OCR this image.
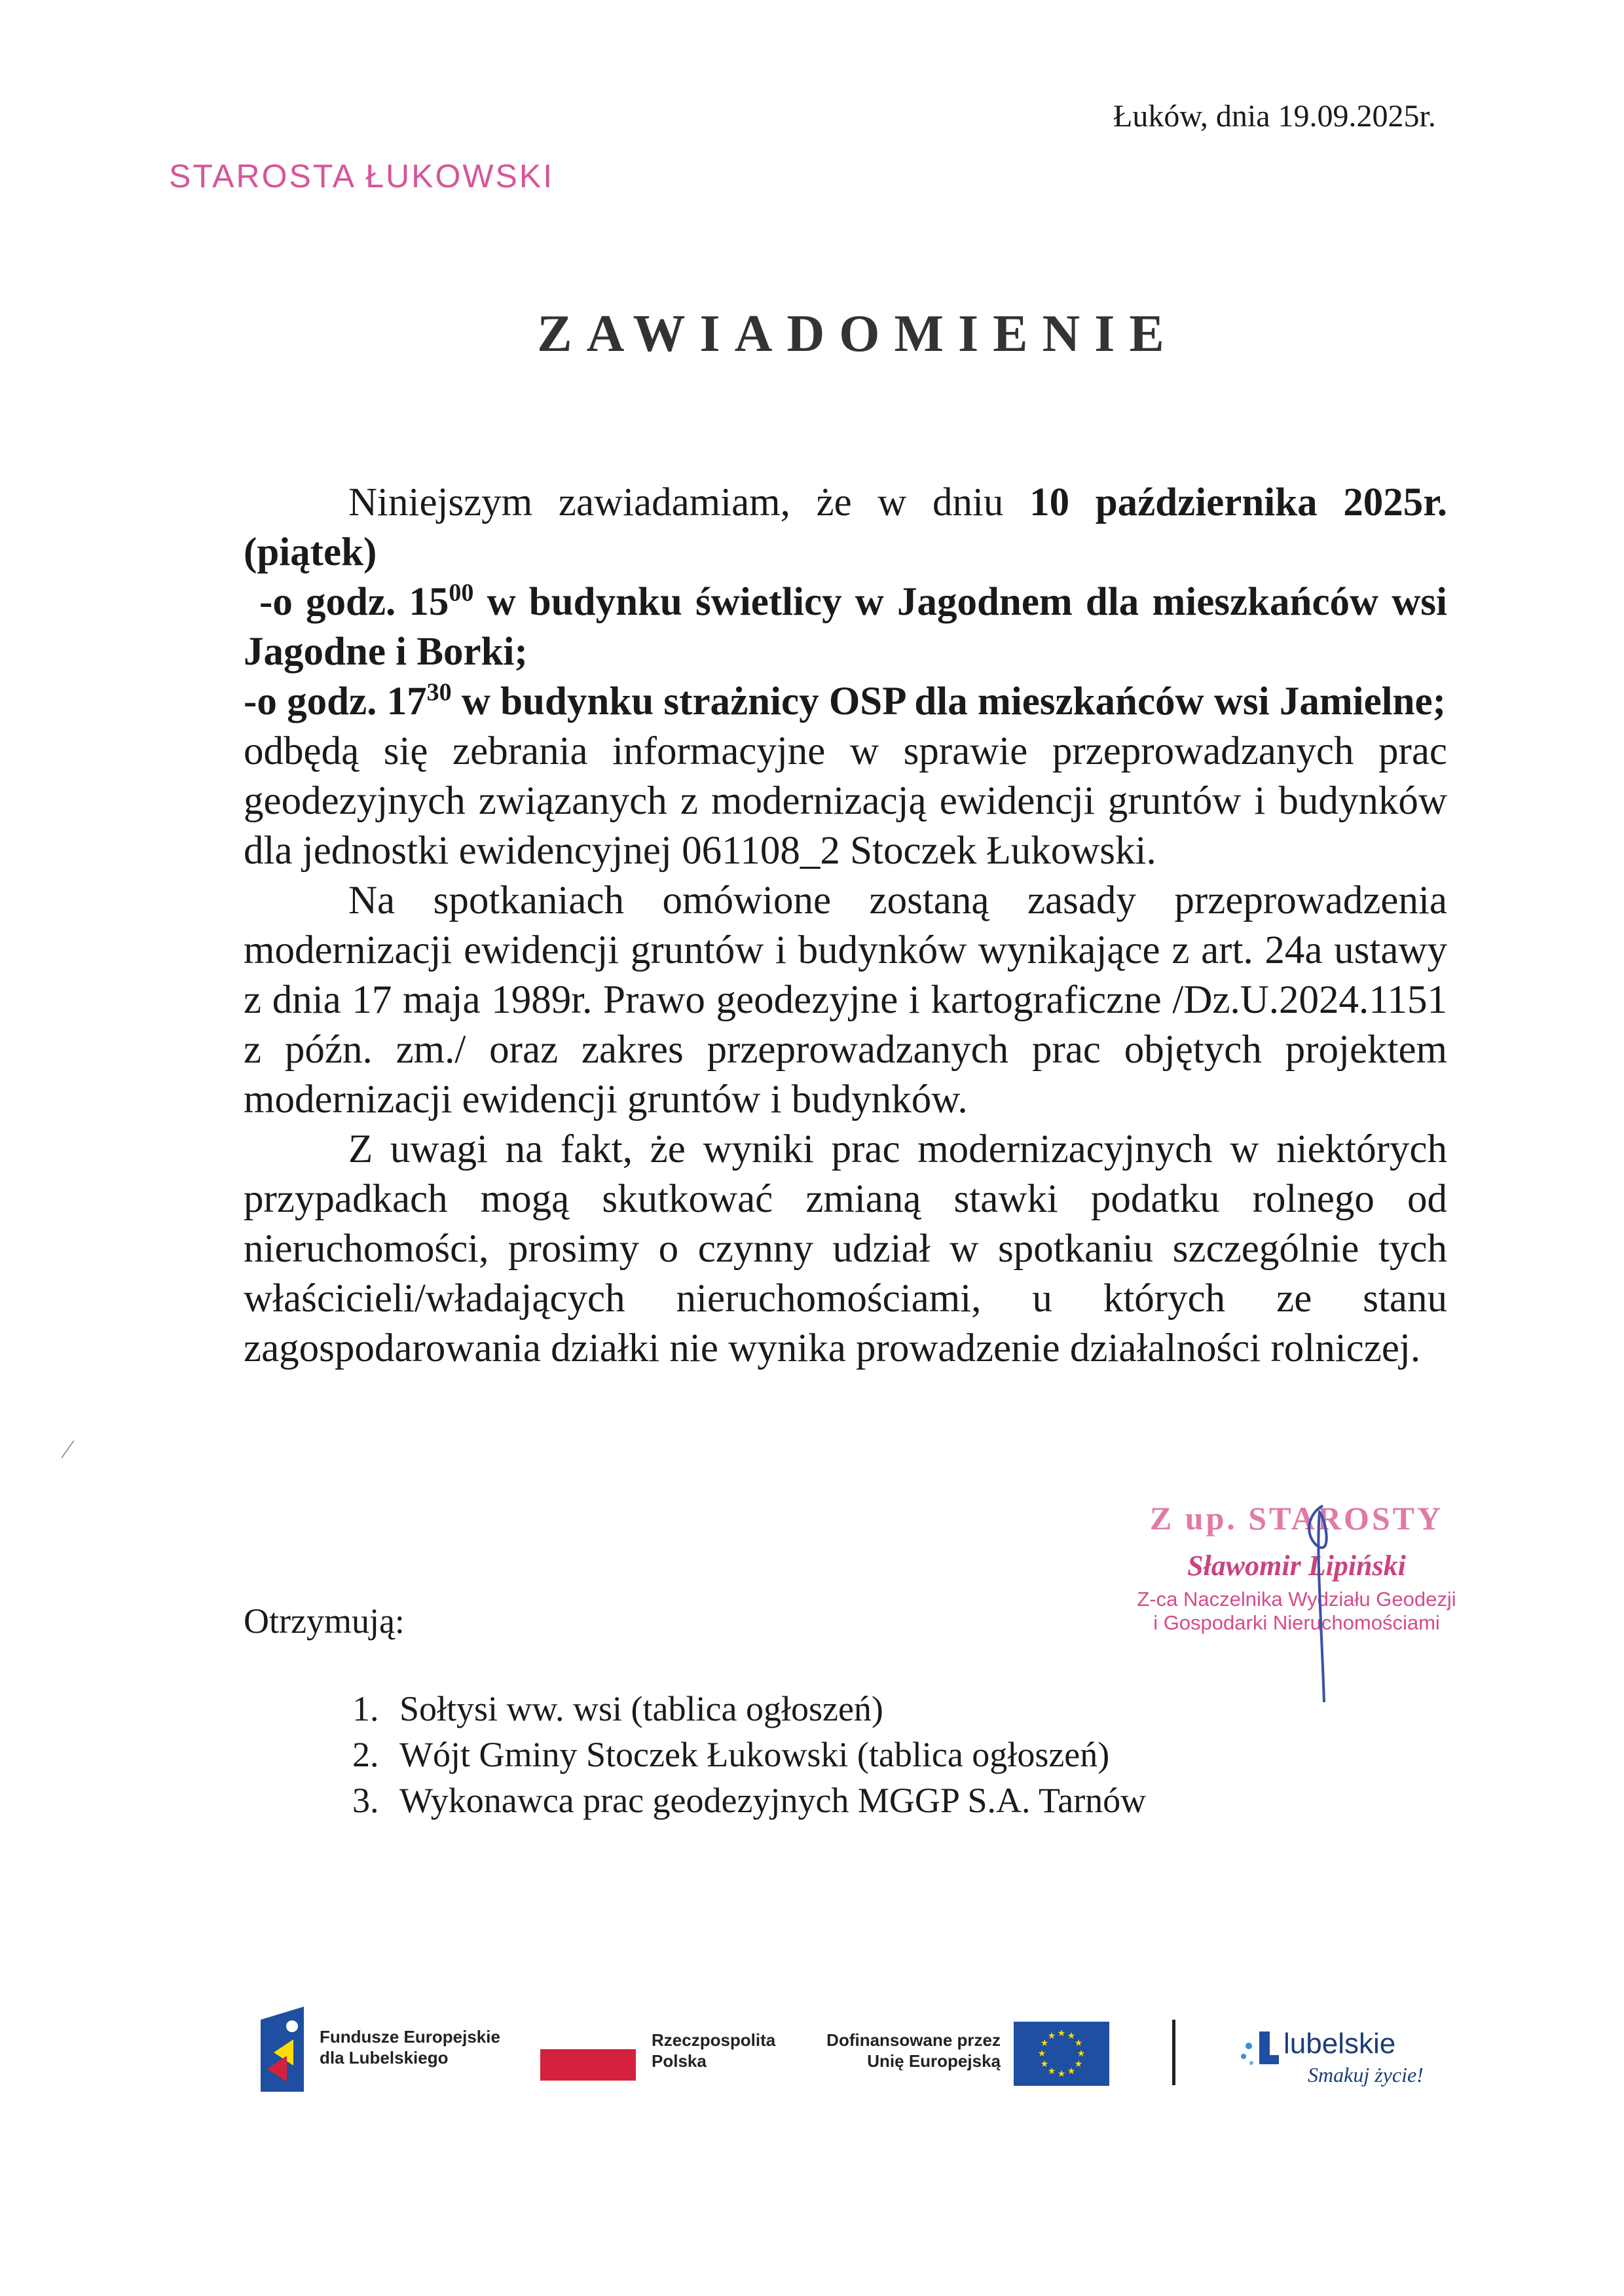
Łuków, dnia 19.09.2025r.
STAROSTA ŁUKOWSKI
ZAWIADOMIENIE

Niniejszym zawiadamiam, że w dniu 10 października 2025r. (piątek)

-o godz. $15^{00}$ w budynku świetlicy w Jagodnem dla mieszkańców wsi Jagodne i Borki;

-o godz. $17^{30}$ w budynku strażnicy OSP dla mieszkańców wsi Jamielne;

odbędą się zebrania informacyjne w sprawie przeprowadzanych prac geodezyjnych związanych z modernizacją ewidencji gruntów i budynków dla jednostki ewidencyjnej 061108_2 Stoczek Łukowski.

Na spotkaniach omówione zostaną zasady przeprowadzenia modernizacji ewidencji gruntów i budynków wynikające z art. 24a ustawy z dnia 17 maja 1989r. Prawo geodezyjne i kartograficzne /Dz.U.2024.1151 z późn. zm./ oraz zakres przeprowadzanych prac objętych projektem modernizacji ewidencji gruntów i budynków.

Z uwagi na fakt, że wyniki prac modernizacyjnych w niektórych przypadkach mogą skutkować zmianą stawki podatku rolnego od nieruchomości, prosimy o czynny udział w spotkaniu szczególnie tych właścicieli/władających nieruchomościami, u których ze stanu zagospodarowania działki nie wynika prowadzenie działalności rolniczej.

⁄
Z up. STAROSTY
Sławomir Lipiński
Z-ca Naczelnika Wydziału Geodezji
i Gospodarki Nieruchomościami
Otrzymują:
1. Sołtysi ww. wsi (tablica ogłoszeń)
2. Wójt Gminy Stoczek Łukowski (tablica ogłoszeń)
3. Wykonawca prac geodezyjnych MGGP S.A. Tarnów
Fundusze Europejskie
dla Lubelskiego
Rzeczpospolita
Polska
Dofinansowane przez
Unię Europejską
★ ★
★
★
★
★
★
★
★
★
★
★	lubelskie
Smakuj życie!
